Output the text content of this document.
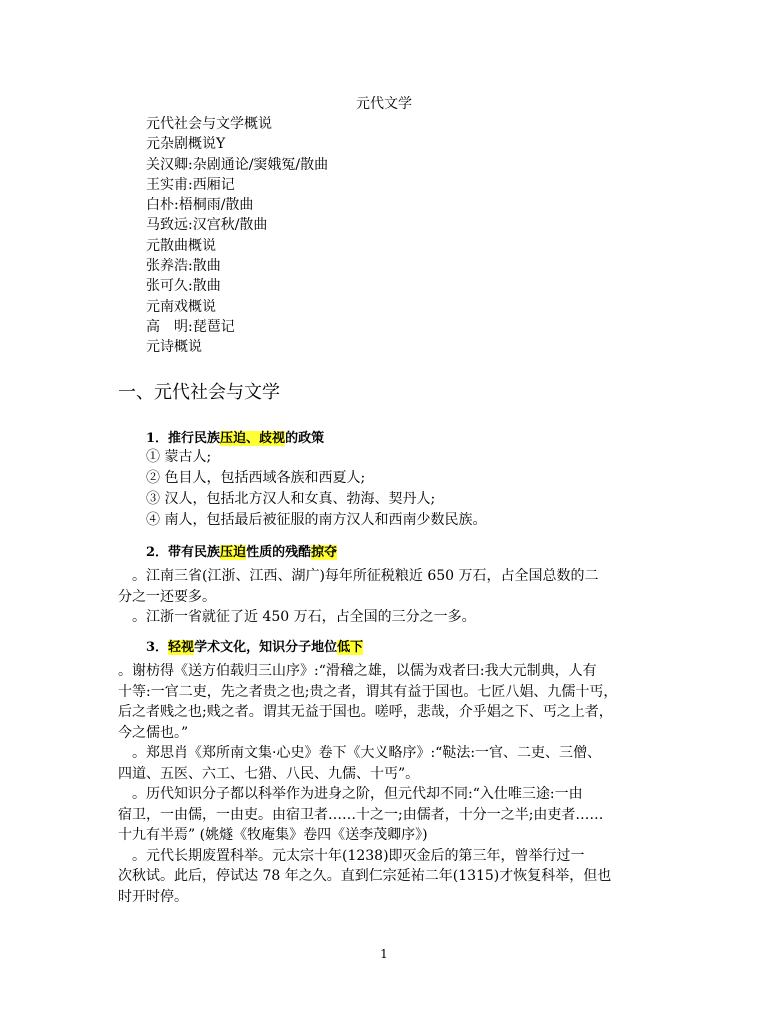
元代文学
元代社会与文学概说
元杂剧概说Y
关汉卿:杂剧通论/窦娥冤/散曲
王实甫:西厢记
白朴:梧桐雨/散曲
马致远:汉宫秋/散曲
元散曲概说
张养浩:散曲
张可久:散曲
元南戏概说
高　明:琵琶记
元诗概说
一、元代社会与文学
1．推行民族压迫、歧视的政策
① 蒙古人;
② 色目人，包括西域各族和西夏人;
③ 汉人，包括北方汉人和女真、勃海、契丹人;
④ 南人，包括最后被征服的南方汉人和西南少数民族。
2．带有民族压迫性质的残酷掠夺
　。江南三省(江浙、江西、湖广)每年所征税粮近 650 万石，占全国总数的二
分之一还要多。
　。江浙一省就征了近 450 万石，占全国的三分之一多。
3．轻视学术文化，知识分子地位低下
。谢枋得《送方伯载归三山序》:“滑稽之雄，以儒为戏者曰:我大元制典，人有
十等:一官二吏，先之者贵之也;贵之者，谓其有益于国也。七匠八娼、九儒十丐，
后之者贱之也;贱之者。谓其无益于国也。嗟呼，悲哉，介乎娼之下、丐之上者，
今之儒也。”
　。郑思肖《郑所南文集·心史》卷下《大义略序》:“鞑法:一官、二吏、三僧、
四道、五医、六工、七猎、八民、九儒、十丐”。
　。历代知识分子都以科举作为进身之阶，但元代却不同:“入仕唯三途:一由
宿卫，一由儒，一由吏。由宿卫者……十之一;由儒者，十分一之半;由吏者……
十九有半焉” (姚燧《牧庵集》卷四《送李茂卿序》)
　。元代长期废置科举。元太宗十年(1238)即灭金后的第三年，曾举行过一
次秋试。此后，停试达 78 年之久。直到仁宗延祐二年(1315)才恢复科举，但也
时开时停。
1
